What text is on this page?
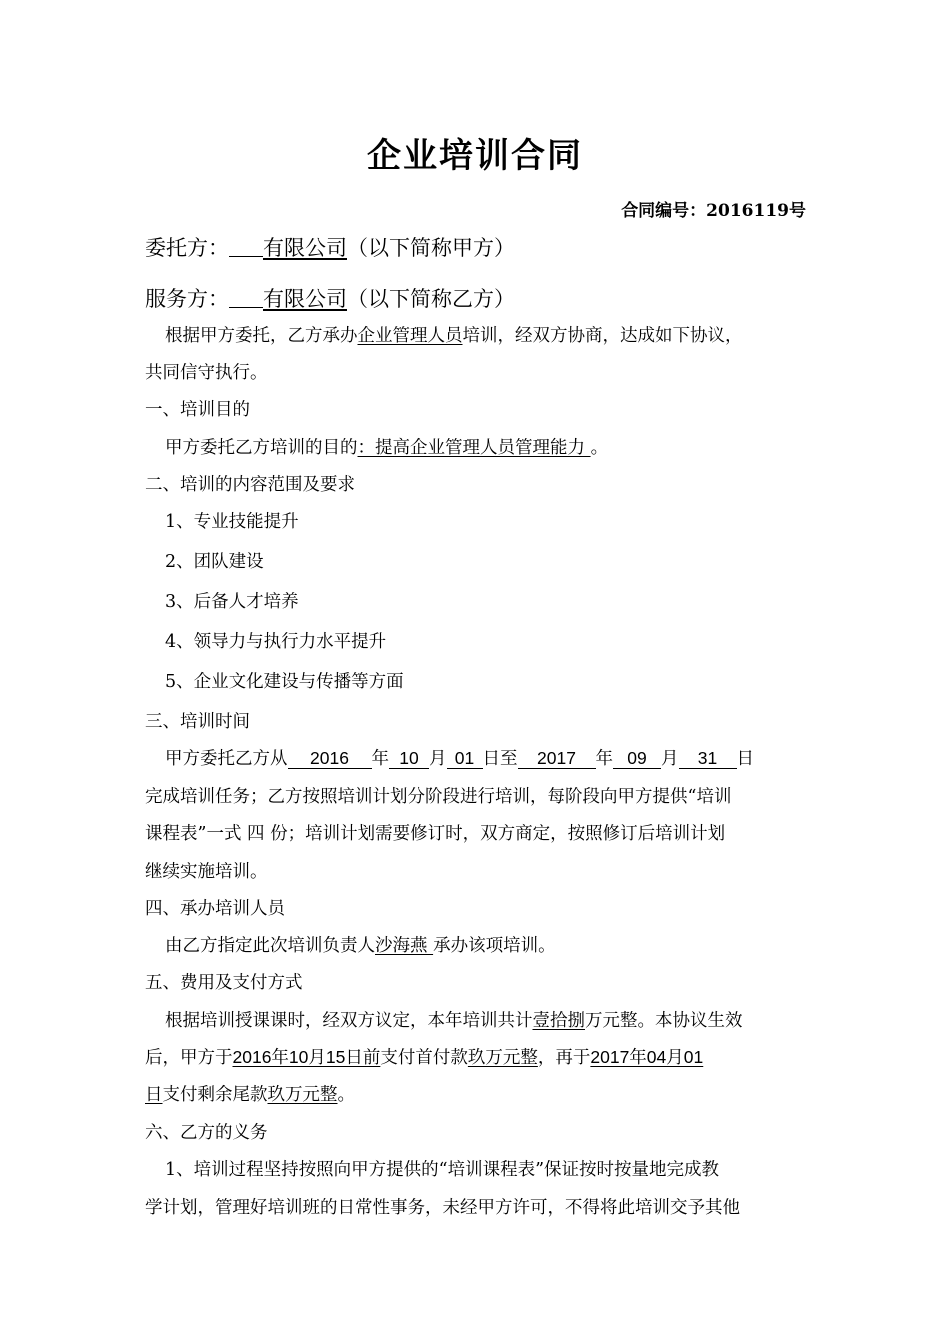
企业培训合同
合同编号：2016119号
委托方： 有限公司（以下简称甲方）
服务方： 有限公司（以下简称乙方）
根据甲方委托，乙方承办企业管理人员培训，经双方协商，达成如下协议，
共同信守执行。
一、培训目的
甲方委托乙方培训的目的：提高企业管理人员管理能力 。
二、培训的内容范围及要求
1、专业技能提升
2、团队建设
3、后备人才培养
4、领导力与执行力水平提升
5、企业文化建设与传播等方面
三、培训时间
甲方委托乙方从 2016 年 10 月 01 日至 2017 年 09 月 31 日
完成培训任务；乙方按照培训计划分阶段进行培训，每阶段向甲方提供“培训
课程表”一式 四 份；培训计划需要修订时，双方商定，按照修订后培训计划
继续实施培训。
四、承办培训人员
由乙方指定此次培训负责人沙海燕 承办该项培训。
五、费用及支付方式
根据培训授课课时，经双方议定，本年培训共计壹拾捌万元整。本协议生效
后，甲方于2016年10月15日前支付首付款玖万元整，再于2017年04月01
日支付剩余尾款玖万元整。
六、乙方的义务
1、培训过程坚持按照向甲方提供的“培训课程表”保证按时按量地完成教
学计划，管理好培训班的日常性事务，未经甲方许可，不得将此培训交予其他
